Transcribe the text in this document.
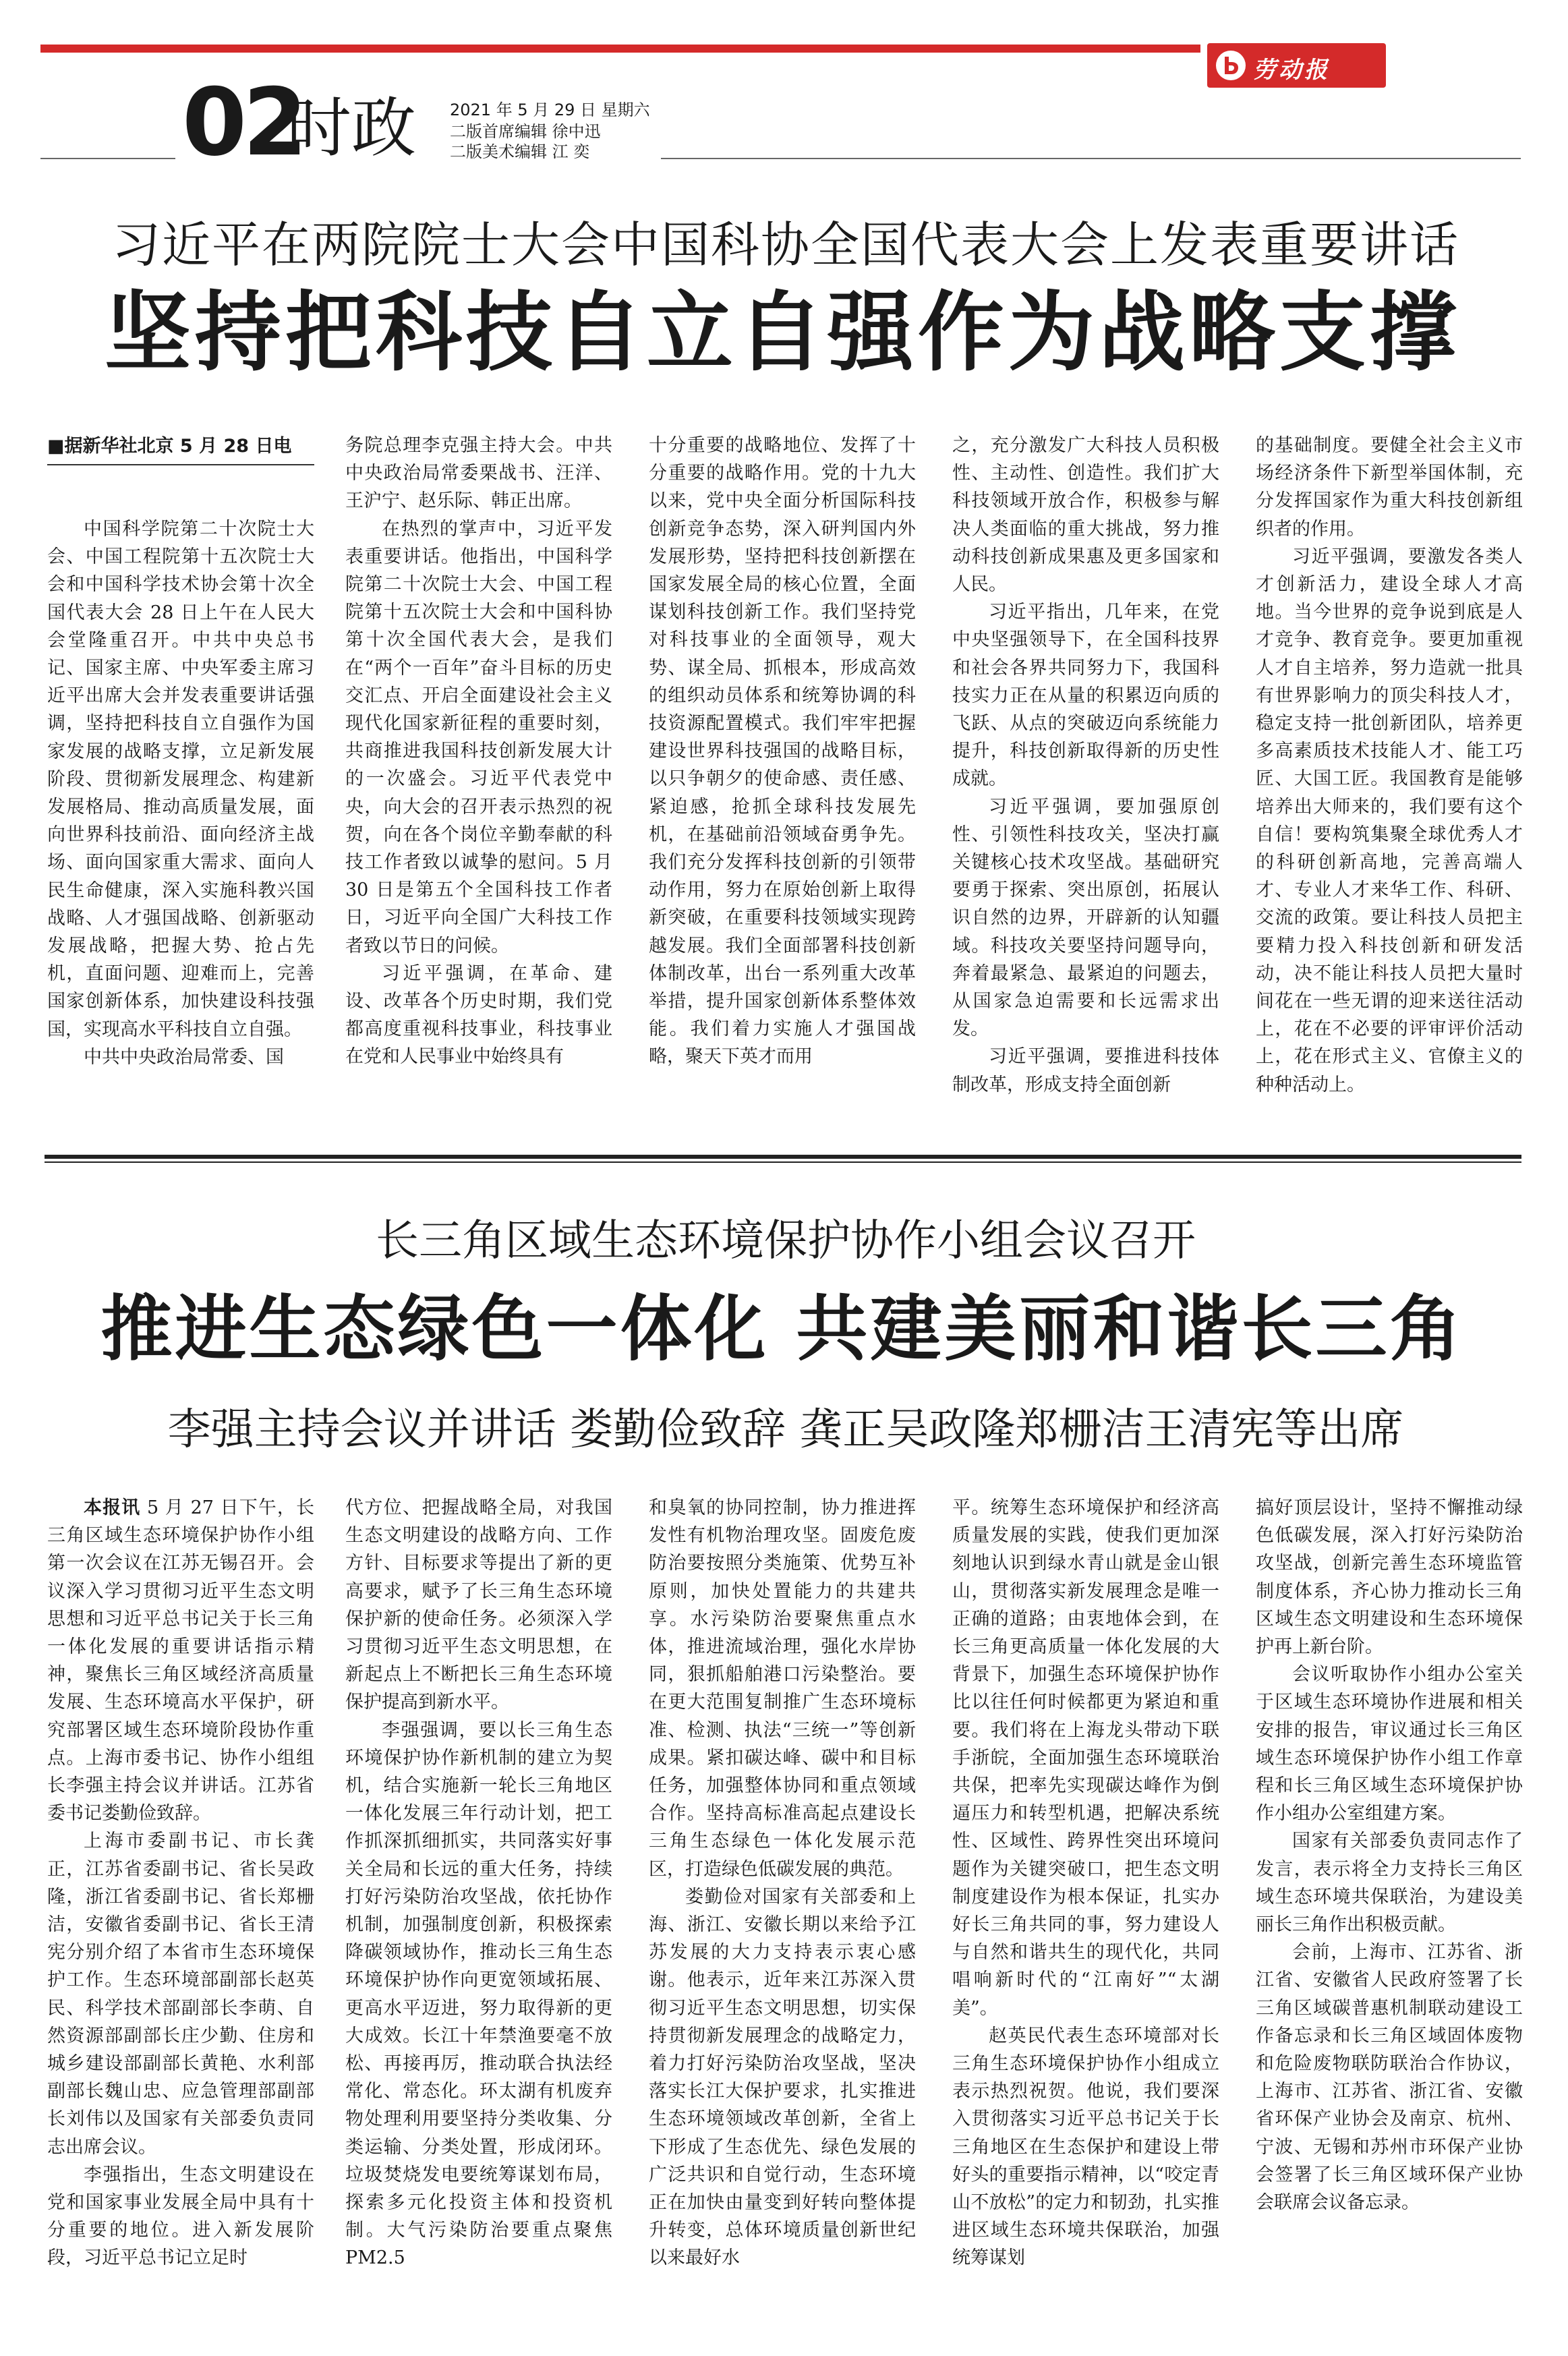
劳动报
02
时政 2021 年 5 月 29 日 星期六
二版首席编辑 徐中迅
二版美术编辑 江 奕
习近平在两院院士大会中国科协全国代表大会上发表重要讲话
坚持把科技自立自强作为战略支撑
■据新华社北京 5 月 28 日电

中国科学院第二十次院士大会、中国工程院第十五次院士大会和中国科学技术协会第十次全国代表大会 28 日上午在人民大会堂隆重召开。中共中央总书记、国家主席、中央军委主席习近平出席大会并发表重要讲话强调，坚持把科技自立自强作为国家发展的战略支撑，立足新发展阶段、贯彻新发展理念、构建新发展格局、推动高质量发展，面向世界科技前沿、面向经济主战场、面向国家重大需求、面向人民生命健康，深入实施科教兴国战略、人才强国战略、创新驱动发展战略，把握大势、抢占先机，直面问题、迎难而上，完善国家创新体系，加快建设科技强国，实现高水平科技自立自强。

中共中央政治局常委、国

务院总理李克强主持大会。中共中央政治局常委栗战书、汪洋、王沪宁、赵乐际、韩正出席。

在热烈的掌声中，习近平发表重要讲话。他指出，中国科学院第二十次院士大会、中国工程院第十五次院士大会和中国科协第十次全国代表大会，是我们在“两个一百年”奋斗目标的历史交汇点、开启全面建设社会主义现代化国家新征程的重要时刻，共商推进我国科技创新发展大计的一次盛会。习近平代表党中央，向大会的召开表示热烈的祝贺，向在各个岗位辛勤奉献的科技工作者致以诚挚的慰问。5 月 30 日是第五个全国科技工作者日，习近平向全国广大科技工作者致以节日的问候。

习近平强调，在革命、建设、改革各个历史时期，我们党都高度重视科技事业，科技事业在党和人民事业中始终具有

十分重要的战略地位、发挥了十分重要的战略作用。党的十九大以来，党中央全面分析国际科技创新竞争态势，深入研判国内外发展形势，坚持把科技创新摆在国家发展全局的核心位置，全面谋划科技创新工作。我们坚持党对科技事业的全面领导，观大势、谋全局、抓根本，形成高效的组织动员体系和统筹协调的科技资源配置模式。我们牢牢把握建设世界科技强国的战略目标，以只争朝夕的使命感、责任感、紧迫感，抢抓全球科技发展先机，在基础前沿领域奋勇争先。我们充分发挥科技创新的引领带动作用，努力在原始创新上取得新突破，在重要科技领域实现跨越发展。我们全面部署科技创新体制改革，出台一系列重大改革举措，提升国家创新体系整体效能。我们着力实施人才强国战略，聚天下英才而用

之，充分激发广大科技人员积极性、主动性、创造性。我们扩大科技领域开放合作，积极参与解决人类面临的重大挑战，努力推动科技创新成果惠及更多国家和人民。

习近平指出，几年来，在党中央坚强领导下，在全国科技界和社会各界共同努力下，我国科技实力正在从量的积累迈向质的飞跃、从点的突破迈向系统能力提升，科技创新取得新的历史性成就。

习近平强调，要加强原创性、引领性科技攻关，坚决打赢关键核心技术攻坚战。基础研究要勇于探索、突出原创，拓展认识自然的边界，开辟新的认知疆域。科技攻关要坚持问题导向，奔着最紧急、最紧迫的问题去，从国家急迫需要和长远需求出发。

习近平强调，要推进科技体制改革，形成支持全面创新

的基础制度。要健全社会主义市场经济条件下新型举国体制，充分发挥国家作为重大科技创新组织者的作用。

习近平强调，要激发各类人才创新活力，建设全球人才高地。当今世界的竞争说到底是人才竞争、教育竞争。要更加重视人才自主培养，努力造就一批具有世界影响力的顶尖科技人才，稳定支持一批创新团队，培养更多高素质技术技能人才、能工巧匠、大国工匠。我国教育是能够培养出大师来的，我们要有这个自信！要构筑集聚全球优秀人才的科研创新高地，完善高端人才、专业人才来华工作、科研、交流的政策。要让科技人员把主要精力投入科技创新和研发活动，决不能让科技人员把大量时间花在一些无谓的迎来送往活动上，花在不必要的评审评价活动上，花在形式主义、官僚主义的种种活动上。

长三角区域生态环境保护协作小组会议召开
推进生态绿色一体化 共建美丽和谐长三角
李强主持会议并讲话 娄勤俭致辞 龚正吴政隆郑栅洁王清宪等出席

本报讯 5 月 27 日下午，长三角区域生态环境保护协作小组第一次会议在江苏无锡召开。会议深入学习贯彻习近平生态文明思想和习近平总书记关于长三角一体化发展的重要讲话指示精神，聚焦长三角区域经济高质量发展、生态环境高水平保护，研究部署区域生态环境阶段协作重点。上海市委书记、协作小组组长李强主持会议并讲话。江苏省委书记娄勤俭致辞。

上海市委副书记、市长龚正，江苏省委副书记、省长吴政隆，浙江省委副书记、省长郑栅洁，安徽省委副书记、省长王清宪分别介绍了本省市生态环境保护工作。生态环境部副部长赵英民、科学技术部副部长李萌、自然资源部副部长庄少勤、住房和城乡建设部副部长黄艳、水利部副部长魏山忠、应急管理部副部长刘伟以及国家有关部委负责同志出席会议。

李强指出，生态文明建设在党和国家事业发展全局中具有十分重要的地位。进入新发展阶段，习近平总书记立足时

代方位、把握战略全局，对我国生态文明建设的战略方向、工作方针、目标要求等提出了新的更高要求，赋予了长三角生态环境保护新的使命任务。必须深入学习贯彻习近平生态文明思想，在新起点上不断把长三角生态环境保护提高到新水平。

李强强调，要以长三角生态环境保护协作新机制的建立为契机，结合实施新一轮长三角地区一体化发展三年行动计划，把工作抓深抓细抓实，共同落实好事关全局和长远的重大任务，持续打好污染防治攻坚战，依托协作机制，加强制度创新，积极探索降碳领域协作，推动长三角生态环境保护协作向更宽领域拓展、更高水平迈进，努力取得新的更大成效。长江十年禁渔要毫不放松、再接再厉，推动联合执法经常化、常态化。环太湖有机废弃物处理利用要坚持分类收集、分类运输、分类处置，形成闭环。垃圾焚烧发电要统筹谋划布局，探索多元化投资主体和投资机制。大气污染防治要重点聚焦 PM2.5

和臭氧的协同控制，协力推进挥发性有机物治理攻坚。固废危废防治要按照分类施策、优势互补原则，加快处置能力的共建共享。水污染防治要聚焦重点水体，推进流域治理，强化水岸协同，狠抓船舶港口污染整治。要在更大范围复制推广生态环境标准、检测、执法“三统一”等创新成果。紧扣碳达峰、碳中和目标任务，加强整体协同和重点领域合作。坚持高标准高起点建设长三角生态绿色一体化发展示范区，打造绿色低碳发展的典范。

娄勤俭对国家有关部委和上海、浙江、安徽长期以来给予江苏发展的大力支持表示衷心感谢。他表示，近年来江苏深入贯彻习近平生态文明思想，切实保持贯彻新发展理念的战略定力，着力打好污染防治攻坚战，坚决落实长江大保护要求，扎实推进生态环境领域改革创新，全省上下形成了生态优先、绿色发展的广泛共识和自觉行动，生态环境正在加快由量变到好转向整体提升转变，总体环境质量创新世纪以来最好水

平。统筹生态环境保护和经济高质量发展的实践，使我们更加深刻地认识到绿水青山就是金山银山，贯彻落实新发展理念是唯一正确的道路；由衷地体会到，在长三角更高质量一体化发展的大背景下，加强生态环境保护协作比以往任何时候都更为紧迫和重要。我们将在上海龙头带动下联手浙皖，全面加强生态环境联治共保，把率先实现碳达峰作为倒逼压力和转型机遇，把解决系统性、区域性、跨界性突出环境问题作为关键突破口，把生态文明制度建设作为根本保证，扎实办好长三角共同的事，努力建设人与自然和谐共生的现代化，共同唱响新时代的“江南好”“太湖美”。

赵英民代表生态环境部对长三角生态环境保护协作小组成立表示热烈祝贺。他说，我们要深入贯彻落实习近平总书记关于长三角地区在生态保护和建设上带好头的重要指示精神，以“咬定青山不放松”的定力和韧劲，扎实推进区域生态环境共保联治，加强统筹谋划

搞好顶层设计，坚持不懈推动绿色低碳发展，深入打好污染防治攻坚战，创新完善生态环境监管制度体系，齐心协力推动长三角区域生态文明建设和生态环境保护再上新台阶。

会议听取协作小组办公室关于区域生态环境协作进展和相关安排的报告，审议通过长三角区域生态环境保护协作小组工作章程和长三角区域生态环境保护协作小组办公室组建方案。

国家有关部委负责同志作了发言，表示将全力支持长三角区域生态环境共保联治，为建设美丽长三角作出积极贡献。

会前，上海市、江苏省、浙江省、安徽省人民政府签署了长三角区域碳普惠机制联动建设工作备忘录和长三角区域固体废物和危险废物联防联治合作协议，上海市、江苏省、浙江省、安徽省环保产业协会及南京、杭州、宁波、无锡和苏州市环保产业协会签署了长三角区域环保产业协会联席会议备忘录。
